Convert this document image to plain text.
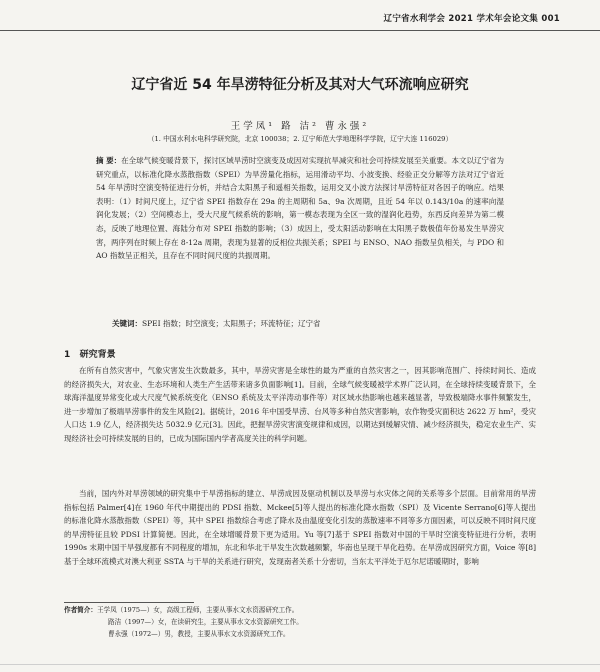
辽宁省水利学会 2021 学术年会论文集 001
辽宁省近 54 年旱涝特征分析及其对大气环流响应研究
王学凤¹ 路 洁² 曹永强²
（1. 中国水利水电科学研究院，北京 100038；2. 辽宁师范大学地理科学学院，辽宁大连 116029）

摘 要：在全球气候变暖背景下，探讨区域旱涝时空演变及成因对实现抗旱减灾和社会可持续发展至关重要。本文以辽宁省为研究重点，以标准化降水蒸散指数（SPEI）为旱涝量化指标，运用滑动平均、小波变换、经验正交分解等方法对辽宁省近 54 年旱涝时空演变特征进行分析，并结合太阳黑子和遥相关指数，运用交叉小波方法探讨旱涝特征对各因子的响应。结果表明：（1）时间尺度上，辽宁省 SPEI 指数存在 29a 的主周期和 5a、9a 次周期，且近 54 年以 0.143/10a 的速率向湿润化发展；（2）空间模态上，受大尺度气候系统的影响，第一模态表现为全区一致的湿润化趋势，东西反向差异为第二模态，反映了地理位置、海陆分布对 SPEI 指数的影响；（3）成因上，受太阳活动影响在太阳黑子数极值年份易发生旱涝灾害，两序列在时频上存在 8-12a 周期，表现为显著的反相位共振关系；SPEI 与 ENSO、NAO 指数呈负相关，与 PDO 和 AO 指数呈正相关，且存在不同时间尺度的共振周期。

关键词：SPEI 指数；时空演变；太阳黑子；环流特征；辽宁省
1 研究背景

在所有自然灾害中，气象灾害发生次数最多，其中，旱涝灾害是全球性的最为严重的自然灾害之一，因其影响范围广、持续时间长、造成的经济损失大，对农业、生态环境和人类生产生活带来诸多负面影响[1]。目前，全球气候变暖被学术界广泛认同，在全球持续变暖背景下，全球海洋温度异常变化或大尺度气候系统变化（ENSO 系统及太平洋涛动事件等）对区域水热影响也越来越显著，导致极端降水事件频繁发生，进一步增加了极端旱涝事件的发生风险[2]。据统计，2016 年中国受旱涝、台风等多种自然灾害影响，农作物受灾面积达 2622 万 hm²，受灾人口达 1.9 亿人，经济损失达 5032.9 亿元[3]。因此，把握旱涝灾害演变规律和成因，以期达到缓解灾情、减少经济损失，稳定农业生产、实现经济社会可持续发展的目的，已成为国际国内学者高度关注的科学问题。

当前，国内外对旱涝领域的研究集中于旱涝指标的建立、旱涝成因及驱动机制以及旱涝与水灾体之间的关系等多个层面。目前常用的旱涝指标包括 Palmer[4]在 1960 年代中期提出的 PDSI 指数、Mckee[5]等人提出的标准化降水指数（SPI）及 Vicente Serrano[6]等人提出的标准化降水蒸散指数（SPEI）等，其中 SPEI 指数综合考虑了降水及由温度变化引发的蒸散速率不同等多方面因素，可以反映不同时间尺度的旱涝特征且较 PDSI 计算简便。因此，在全球增暖背景下更为适用。Yu 等[7]基于 SPEI 指数对中国的干旱时空演变特征进行分析，表明 1990s 末期中国干旱强度都有不同程度的增加，东北和华北干旱发生次数越频繁，华南也呈现干旱化趋势。在旱涝成因研究方面，Voice 等[8]基于全球环流模式对澳大利亚 SSTA 与干旱的关系进行研究，发现南者关系十分密切，当东太平洋处于厄尔尼诺暖期时，影响

作者简介：王学凤（1975—）女，高级工程师，主要从事水文水资源研究工作。
路洁（1997—）女，在读研究生，主要从事水文水资源研究工作。
曹永强（1972—）男，教授，主要从事水文水资源研究工作。
